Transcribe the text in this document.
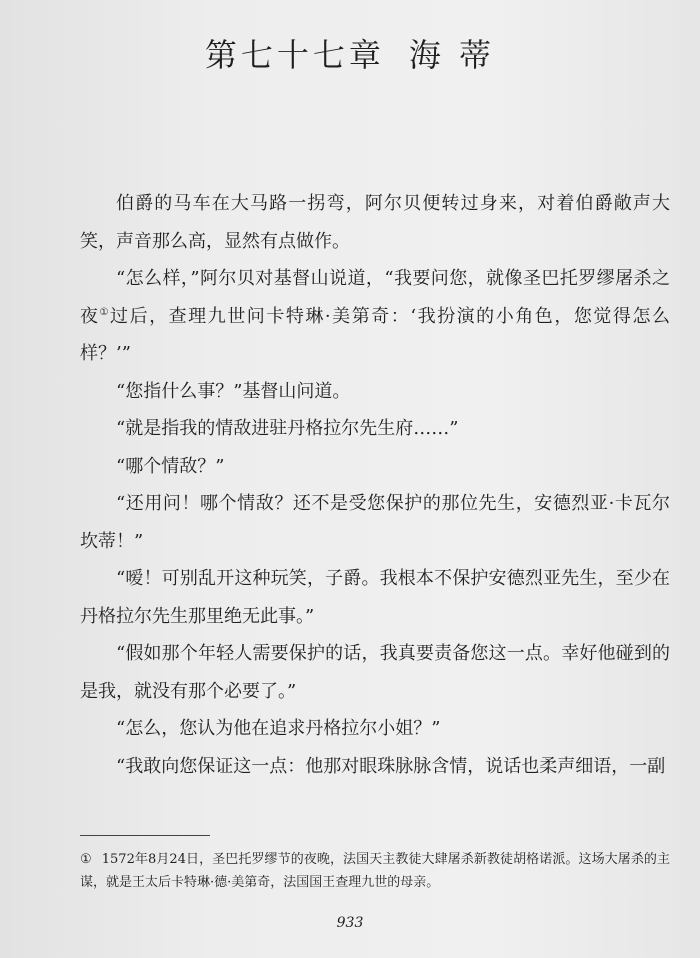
第七十七章 海 蒂

伯爵的马车在大马路一拐弯，阿尔贝便转过身来，对着伯爵敞声大笑，声音那么高，显然有点做作。

“怎么样，”阿尔贝对基督山说道，“我要问您，就像圣巴托罗缪屠杀之夜①过后，查理九世问卡特琳·美第奇：‘我扮演的小角色，您觉得怎么样？’”

“您指什么事？”基督山问道。

“就是指我的情敌进驻丹格拉尔先生府……”

“哪个情敌？”

“还用问！哪个情敌？还不是受您保护的那位先生，安德烈亚·卡瓦尔坎蒂！”

“嗳！可别乱开这种玩笑，子爵。我根本不保护安德烈亚先生，至少在丹格拉尔先生那里绝无此事。”

“假如那个年轻人需要保护的话，我真要责备您这一点。幸好他碰到的是我，就没有那个必要了。”

“怎么，您认为他在追求丹格拉尔小姐？”

“我敢向您保证这一点：他那对眼珠脉脉含情，说话也柔声细语，一副

① 1572年8月24日，圣巴托罗缪节的夜晚，法国天主教徒大肆屠杀新教徒胡格诺派。这场大屠杀的主谋，就是王太后卡特琳·德·美第奇，法国国王查理九世的母亲。
933
